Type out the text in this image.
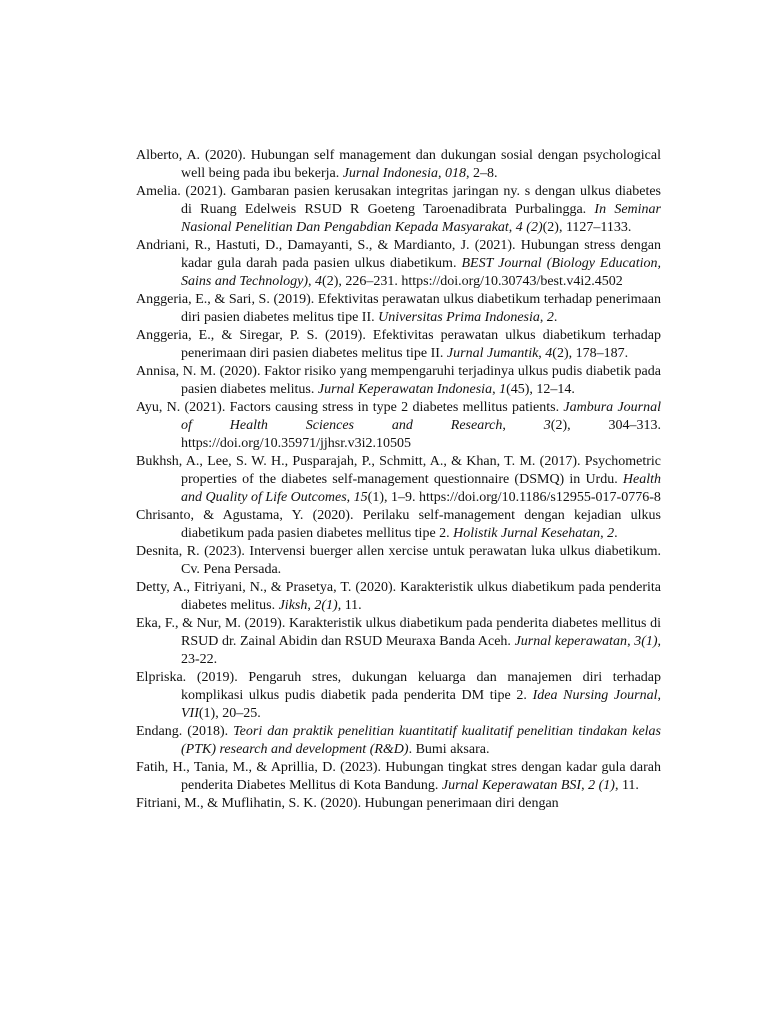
Alberto, A. (2020). Hubungan self management dan dukungan sosial dengan psychological well being pada ibu bekerja. Jurnal Indonesia, 018, 2–8.

Amelia. (2021). Gambaran pasien kerusakan integritas jaringan ny. s dengan ulkus diabetes di Ruang Edelweis RSUD R Goeteng Taroenadibrata Purbalingga. In Seminar Nasional Penelitian Dan Pengabdian Kepada Masyarakat, 4 (2)(2), 1127–1133.

Andriani, R., Hastuti, D., Damayanti, S., & Mardianto, J. (2021). Hubungan stress dengan kadar gula darah pada pasien ulkus diabetikum. BEST Journal (Biology Education, Sains and Technology), 4(2), 226–231. https://doi.org/10.30743/best.v4i2.4502

Anggeria, E., & Sari, S. (2019). Efektivitas perawatan ulkus diabetikum terhadap penerimaan diri pasien diabetes melitus tipe II. Universitas Prima Indonesia, 2.

Anggeria, E., & Siregar, P. S. (2019). Efektivitas perawatan ulkus diabetikum terhadap penerimaan diri pasien diabetes melitus tipe II. Jurnal Jumantik, 4(2), 178–187.

Annisa, N. M. (2020). Faktor risiko yang mempengaruhi terjadinya ulkus pudis diabetik pada pasien diabetes melitus. Jurnal Keperawatan Indonesia, 1(45), 12–14.

Ayu, N. (2021). Factors causing stress in type 2 diabetes mellitus patients. Jambura Journal of Health Sciences and Research, 3(2), 304–313. https://doi.org/10.35971/jjhsr.v3i2.10505

Bukhsh, A., Lee, S. W. H., Pusparajah, P., Schmitt, A., & Khan, T. M. (2017). Psychometric properties of the diabetes self-management questionnaire (DSMQ) in Urdu. Health and Quality of Life Outcomes, 15(1), 1–9. https://doi.org/10.1186/s12955-017-0776-8

Chrisanto, & Agustama, Y. (2020). Perilaku self-management dengan kejadian ulkus diabetikum pada pasien diabetes mellitus tipe 2. Holistik Jurnal Kesehatan, 2.

Desnita, R. (2023). Intervensi buerger allen xercise untuk perawatan luka ulkus diabetikum. Cv. Pena Persada.

Detty, A., Fitriyani, N., & Prasetya, T. (2020). Karakteristik ulkus diabetikum pada penderita diabetes melitus. Jiksh, 2(1), 11.

Eka, F., & Nur, M. (2019). Karakteristik ulkus diabetikum pada penderita diabetes mellitus di RSUD dr. Zainal Abidin dan RSUD Meuraxa Banda Aceh. Jurnal keperawatan, 3(1), 23-22.

Elpriska. (2019). Pengaruh stres, dukungan keluarga dan manajemen diri terhadap komplikasi ulkus pudis diabetik pada penderita DM tipe 2. Idea Nursing Journal, VII(1), 20–25.

Endang. (2018). Teori dan praktik penelitian kuantitatif kualitatif penelitian tindakan kelas (PTK) research and development (R&D). Bumi aksara.

Fatih, H., Tania, M., & Aprillia, D. (2023). Hubungan tingkat stres dengan kadar gula darah penderita Diabetes Mellitus di Kota Bandung. Jurnal Keperawatan BSI, 2 (1), 11.

Fitriani, M., & Muflihatin, S. K. (2020). Hubungan penerimaan diri dengan
